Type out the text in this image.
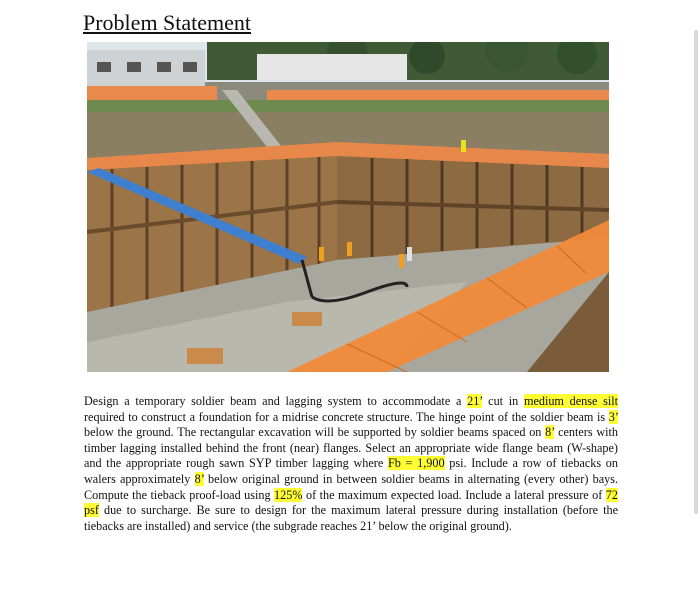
Problem Statement

Design a temporary soldier beam and lagging system to accommodate a 21’ cut in medium dense silt required to construct a foundation for a midrise concrete structure. The hinge point of the soldier beam is 3’ below the ground. The rectangular excavation will be supported by soldier beams spaced on 8’ centers with timber lagging installed behind the front (near) flanges. Select an appropriate wide flange beam (W-shape) and the appropriate rough sawn SYP timber lagging where Fb = 1,900 psi. Include a row of tiebacks on walers approximately 8’ below original ground in between soldier beams in alternating (every other) bays. Compute the tieback proof-load using 125% of the maximum expected load. Include a lateral pressure of 72 psf due to surcharge. Be sure to design for the maximum lateral pressure during installation (before the tiebacks are installed) and service (the subgrade reaches 21’ below the original ground).
